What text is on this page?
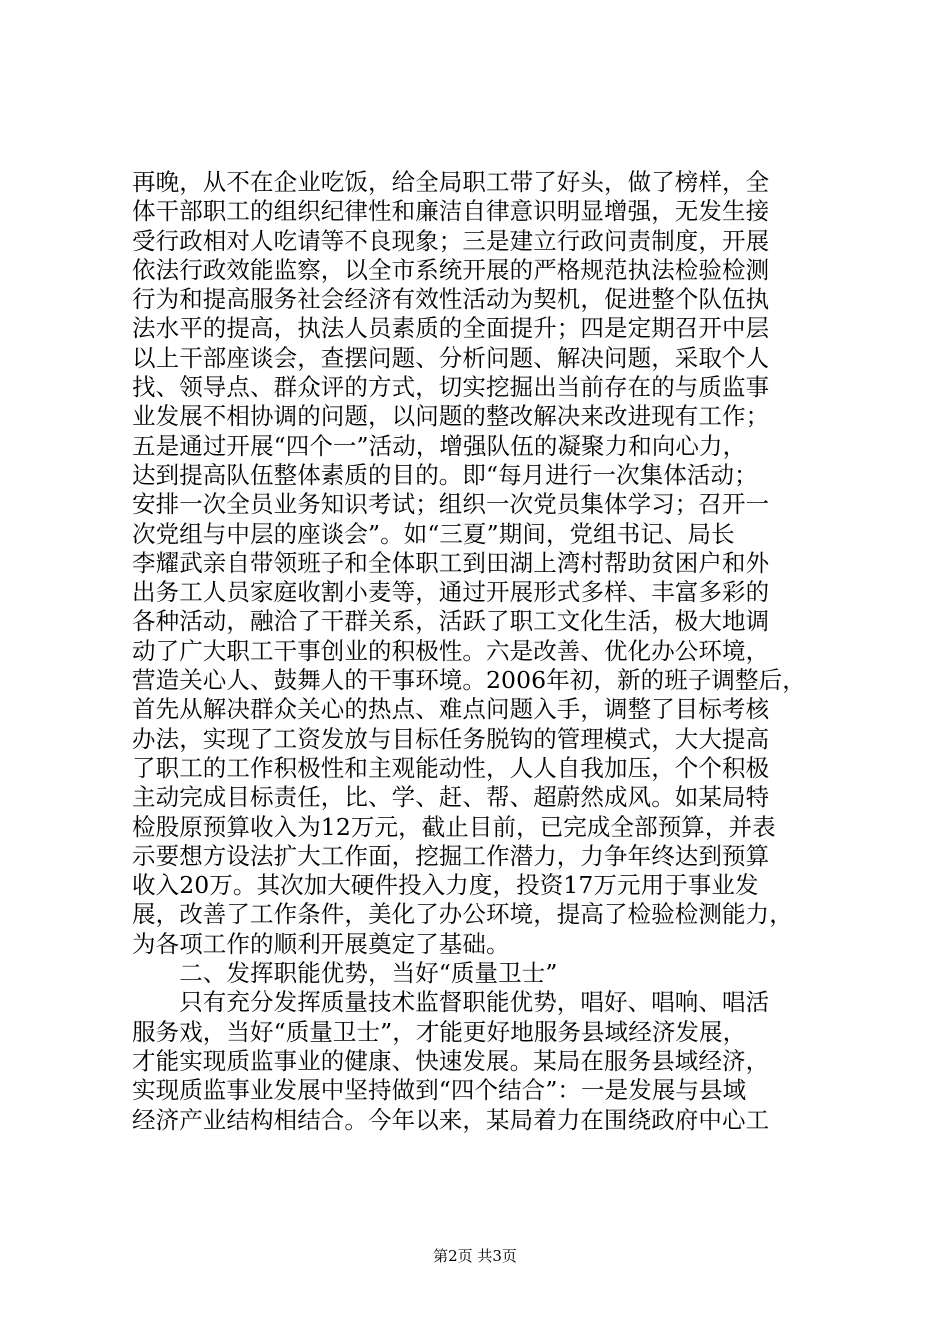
再晚，从不在企业吃饭，给全局职工带了好头，做了榜样，全
体干部职工的组织纪律性和廉洁自律意识明显增强，无发生接
受行政相对人吃请等不良现象；三是建立行政问责制度，开展
依法行政效能监察，以全市系统开展的严格规范执法检验检测
行为和提高服务社会经济有效性活动为契机，促进整个队伍执
法水平的提高，执法人员素质的全面提升；四是定期召开中层
以上干部座谈会，查摆问题、分析问题、解决问题，采取个人
找、领导点、群众评的方式，切实挖掘出当前存在的与质监事
业发展不相协调的问题，以问题的整改解决来改进现有工作；
五是通过开展“四个一”活动，增强队伍的凝聚力和向心力，
达到提高队伍整体素质的目的。即“每月进行一次集体活动；
安排一次全员业务知识考试；组织一次党员集体学习；召开一
次党组与中层的座谈会”。如“三夏”期间，党组书记、局长
李耀武亲自带领班子和全体职工到田湖上湾村帮助贫困户和外
出务工人员家庭收割小麦等，通过开展形式多样、丰富多彩的
各种活动，融洽了干群关系，活跃了职工文化生活，极大地调
动了广大职工干事创业的积极性。六是改善、优化办公环境，
营造关心人、鼓舞人的干事环境。2006年初，新的班子调整后，
首先从解决群众关心的热点、难点问题入手，调整了目标考核
办法，实现了工资发放与目标任务脱钩的管理模式，大大提高
了职工的工作积极性和主观能动性，人人自我加压，个个积极
主动完成目标责任，比、学、赶、帮、超蔚然成风。如某局特
检股原预算收入为12万元，截止目前，已完成全部预算，并表
示要想方设法扩大工作面，挖掘工作潜力，力争年终达到预算
收入20万。其次加大硬件投入力度，投资17万元用于事业发
展，改善了工作条件，美化了办公环境，提高了检验检测能力，
为各项工作的顺利开展奠定了基础。
　　二、发挥职能优势，当好“质量卫士”
　　只有充分发挥质量技术监督职能优势，唱好、唱响、唱活
服务戏，当好“质量卫士”，才能更好地服务县域经济发展，
才能实现质监事业的健康、快速发展。某局在服务县域经济，
实现质监事业发展中坚持做到“四个结合”：一是发展与县域
经济产业结构相结合。今年以来，某局着力在围绕政府中心工
第2页 共3页
